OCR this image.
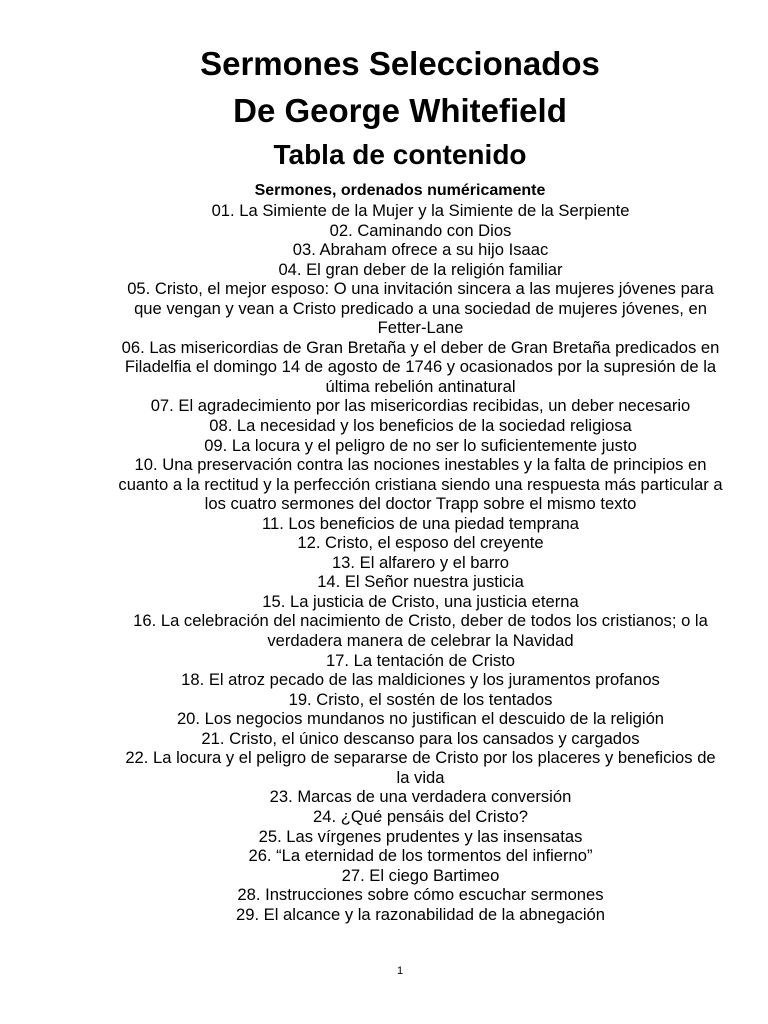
Sermones Seleccionados
De George Whitefield
Tabla de contenido
Sermones, ordenados numéricamente
01. La Simiente de la Mujer y la Simiente de la Serpiente
02. Caminando con Dios
03. Abraham ofrece a su hijo Isaac
04. El gran deber de la religión familiar
05. Cristo, el mejor esposo: O una invitación sincera a las mujeres jóvenes para que vengan y vean a Cristo predicado a una sociedad de mujeres jóvenes, en Fetter-Lane
06. Las misericordias de Gran Bretaña y el deber de Gran Bretaña predicados en Filadelfia el domingo 14 de agosto de 1746 y ocasionados por la supresión de la última rebelión antinatural
07. El agradecimiento por las misericordias recibidas, un deber necesario
08. La necesidad y los beneficios de la sociedad religiosa
09. La locura y el peligro de no ser lo suficientemente justo
10. Una preservación contra las nociones inestables y la falta de principios en cuanto a la rectitud y la perfección cristiana siendo una respuesta más particular a los cuatro sermones del doctor Trapp sobre el mismo texto
11. Los beneficios de una piedad temprana
12. Cristo, el esposo del creyente
13. El alfarero y el barro
14. El Señor nuestra justicia
15. La justicia de Cristo, una justicia eterna
16. La celebración del nacimiento de Cristo, deber de todos los cristianos; o la verdadera manera de celebrar la Navidad
17. La tentación de Cristo
18. El atroz pecado de las maldiciones y los juramentos profanos
19. Cristo, el sostén de los tentados
20. Los negocios mundanos no justifican el descuido de la religión
21. Cristo, el único descanso para los cansados y cargados
22. La locura y el peligro de separarse de Cristo por los placeres y beneficios de la vida
23. Marcas de una verdadera conversión
24. ¿Qué pensáis del Cristo?
25. Las vírgenes prudentes y las insensatas
26. “La eternidad de los tormentos del infierno”
27. El ciego Bartimeo
28. Instrucciones sobre cómo escuchar sermones
29. El alcance y la razonabilidad de la abnegación
1
